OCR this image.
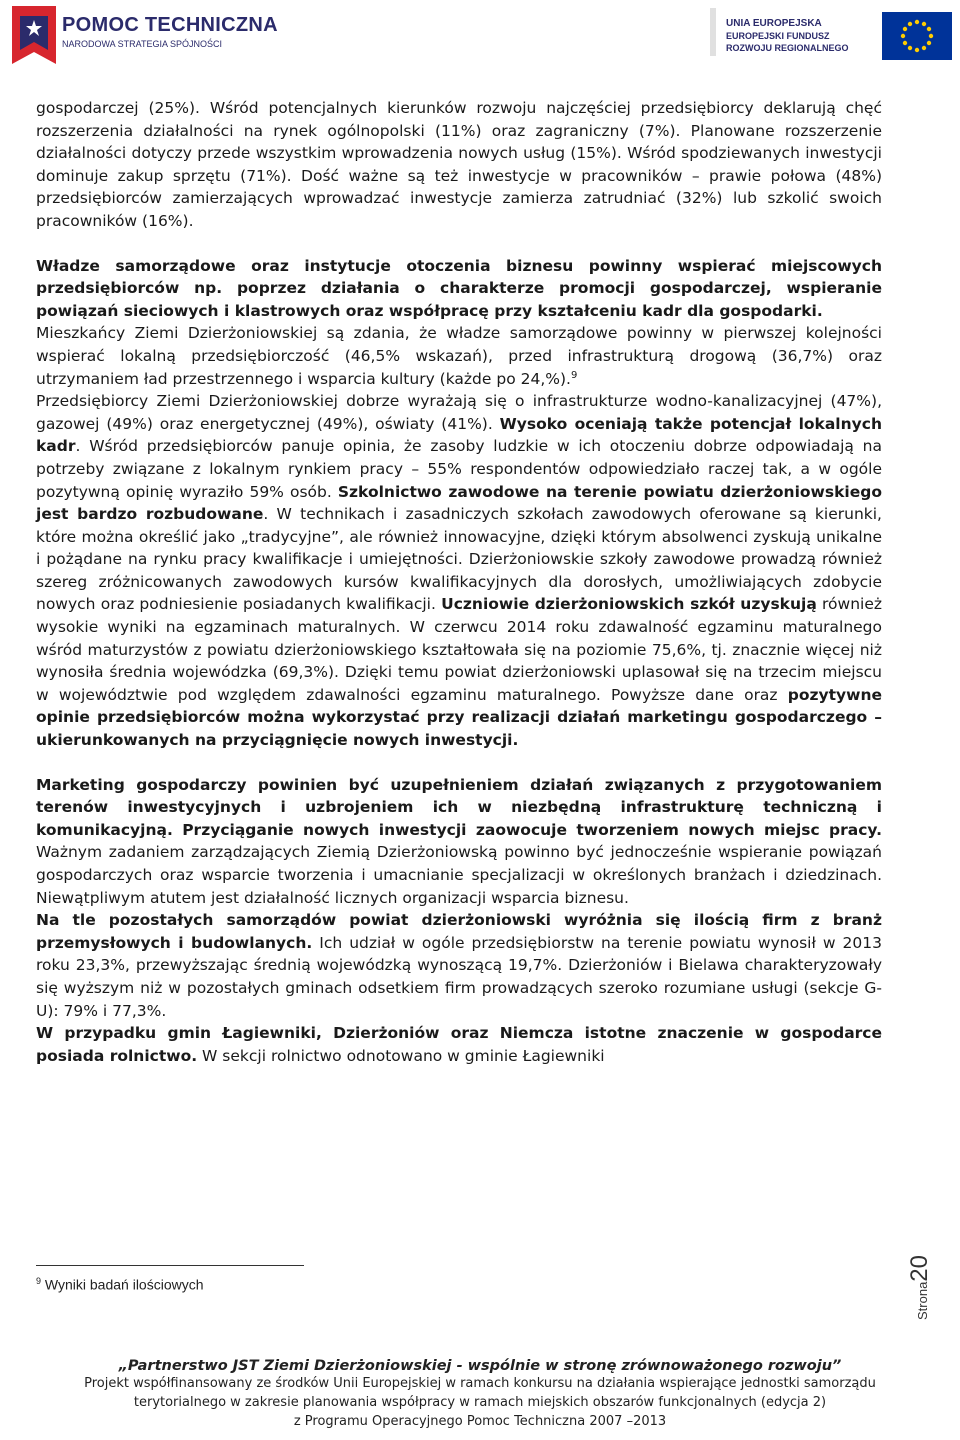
POMOC TECHNICZNA
NARODOWA STRATEGIA SPÓJNOŚCI
UNIA EUROPEJSKA
EUROPEJSKI FUNDUSZ
ROZWOJU REGIONALNEGO

gospodarczej (25%). Wśród potencjalnych kierunków rozwoju najczęściej przedsiębiorcy deklarują chęć rozszerzenia działalności na rynek ogólnopolski (11%) oraz zagraniczny (7%). Planowane rozszerzenie działalności dotyczy przede wszystkim wprowadzenia nowych usług (15%). Wśród spodziewanych inwestycji dominuje zakup sprzętu (71%). Dość ważne są też inwestycje w pracowników – prawie połowa (48%) przedsiębiorców zamierzających wprowadzać inwestycje zamierza zatrudniać (32%) lub szkolić swoich pracowników (16%).

Władze samorządowe oraz instytucje otoczenia biznesu powinny wspierać miejscowych przedsiębiorców np. poprzez działania o charakterze promocji gospodarczej, wspieranie powiązań sieciowych i klastrowych oraz współpracę przy kształceniu kadr dla gospodarki.
Mieszkańcy Ziemi Dzierżoniowskiej są zdania, że władze samorządowe powinny w pierwszej kolejności wspierać lokalną przedsiębiorczość (46,5% wskazań), przed infrastrukturą drogową (36,7%) oraz utrzymaniem ład przestrzennego i wsparcia kultury (każde po 24,%).$^9$
Przedsiębiorcy Ziemi Dzierżoniowskiej dobrze wyrażają się o infrastrukturze wodno-kanalizacyjnej (47%), gazowej (49%) oraz energetycznej (49%), oświaty (41%). Wysoko oceniają także potencjał lokalnych kadr. Wśród przedsiębiorców panuje opinia, że zasoby ludzkie w ich otoczeniu dobrze odpowiadają na potrzeby związane z lokalnym rynkiem pracy – 55% respondentów odpowiedziało raczej tak, a w ogóle pozytywną opinię wyraziło 59% osób. Szkolnictwo zawodowe na terenie powiatu dzierżoniowskiego jest bardzo rozbudowane. W technikach i zasadniczych szkołach zawodowych oferowane są kierunki, które można określić jako „tradycyjne”, ale również innowacyjne, dzięki którym absolwenci zyskują unikalne i pożądane na rynku pracy kwalifikacje i umiejętności. Dzierżoniowskie szkoły zawodowe prowadzą również szereg zróżnicowanych zawodowych kursów kwalifikacyjnych dla dorosłych, umożliwiających zdobycie nowych oraz podniesienie posiadanych kwalifikacji. Uczniowie dzierżoniowskich szkół uzyskują również wysokie wyniki na egzaminach maturalnych. W czerwcu 2014 roku zdawalność egzaminu maturalnego wśród maturzystów z powiatu dzierżoniowskiego kształtowała się na poziomie 75,6%, tj. znacznie więcej niż wynosiła średnia wojewódzka (69,3%). Dzięki temu powiat dzierżoniowski uplasował się na trzecim miejscu w województwie pod względem zdawalności egzaminu maturalnego. Powyższe dane oraz pozytywne opinie przedsiębiorców można wykorzystać przy realizacji działań marketingu gospodarczego – ukierunkowanych na przyciągnięcie nowych inwestycji.

Marketing gospodarczy powinien być uzupełnieniem działań związanych z przygotowaniem terenów inwestycyjnych i uzbrojeniem ich w niezbędną infrastrukturę techniczną i komunikacyjną. Przyciąganie nowych inwestycji zaowocuje tworzeniem nowych miejsc pracy. Ważnym zadaniem zarządzających Ziemią Dzierżoniowską powinno być jednocześnie wspieranie powiązań gospodarczych oraz wsparcie tworzenia i umacnianie specjalizacji w określonych branżach i dziedzinach. Niewątpliwym atutem jest działalność licznych organizacji wsparcia biznesu.

Na tle pozostałych samorządów powiat dzierżoniowski wyróżnia się ilością firm z branż przemysłowych i budowlanych. Ich udział w ogóle przedsiębiorstw na terenie powiatu wynosił w 2013 roku 23,3%, przewyższając średnią wojewódzką wynoszącą 19,7%. Dzierżoniów i Bielawa charakteryzowały się wyższym niż w pozostałych gminach odsetkiem firm prowadzących szeroko rozumiane usługi (sekcje G-U): 79% i 77,3%.

W przypadku gmin Łagiewniki, Dzierżoniów oraz Niemcza istotne znaczenie w gospodarce posiada rolnictwo. W sekcji rolnictwo odnotowano w gminie Łagiewniki

$^9$ Wyniki badań ilościowych	Strona20
„Partnerstwo JST Ziemi Dzierżoniowskiej - wspólnie w stronę zrównoważonego rozwoju”
Projekt współfinansowany ze środków Unii Europejskiej w ramach konkursu na działania wspierające jednostki samorządu
terytorialnego w zakresie planowania współpracy w ramach miejskich obszarów funkcjonalnych (edycja 2)
z Programu Operacyjnego Pomoc Techniczna 2007 –2013
